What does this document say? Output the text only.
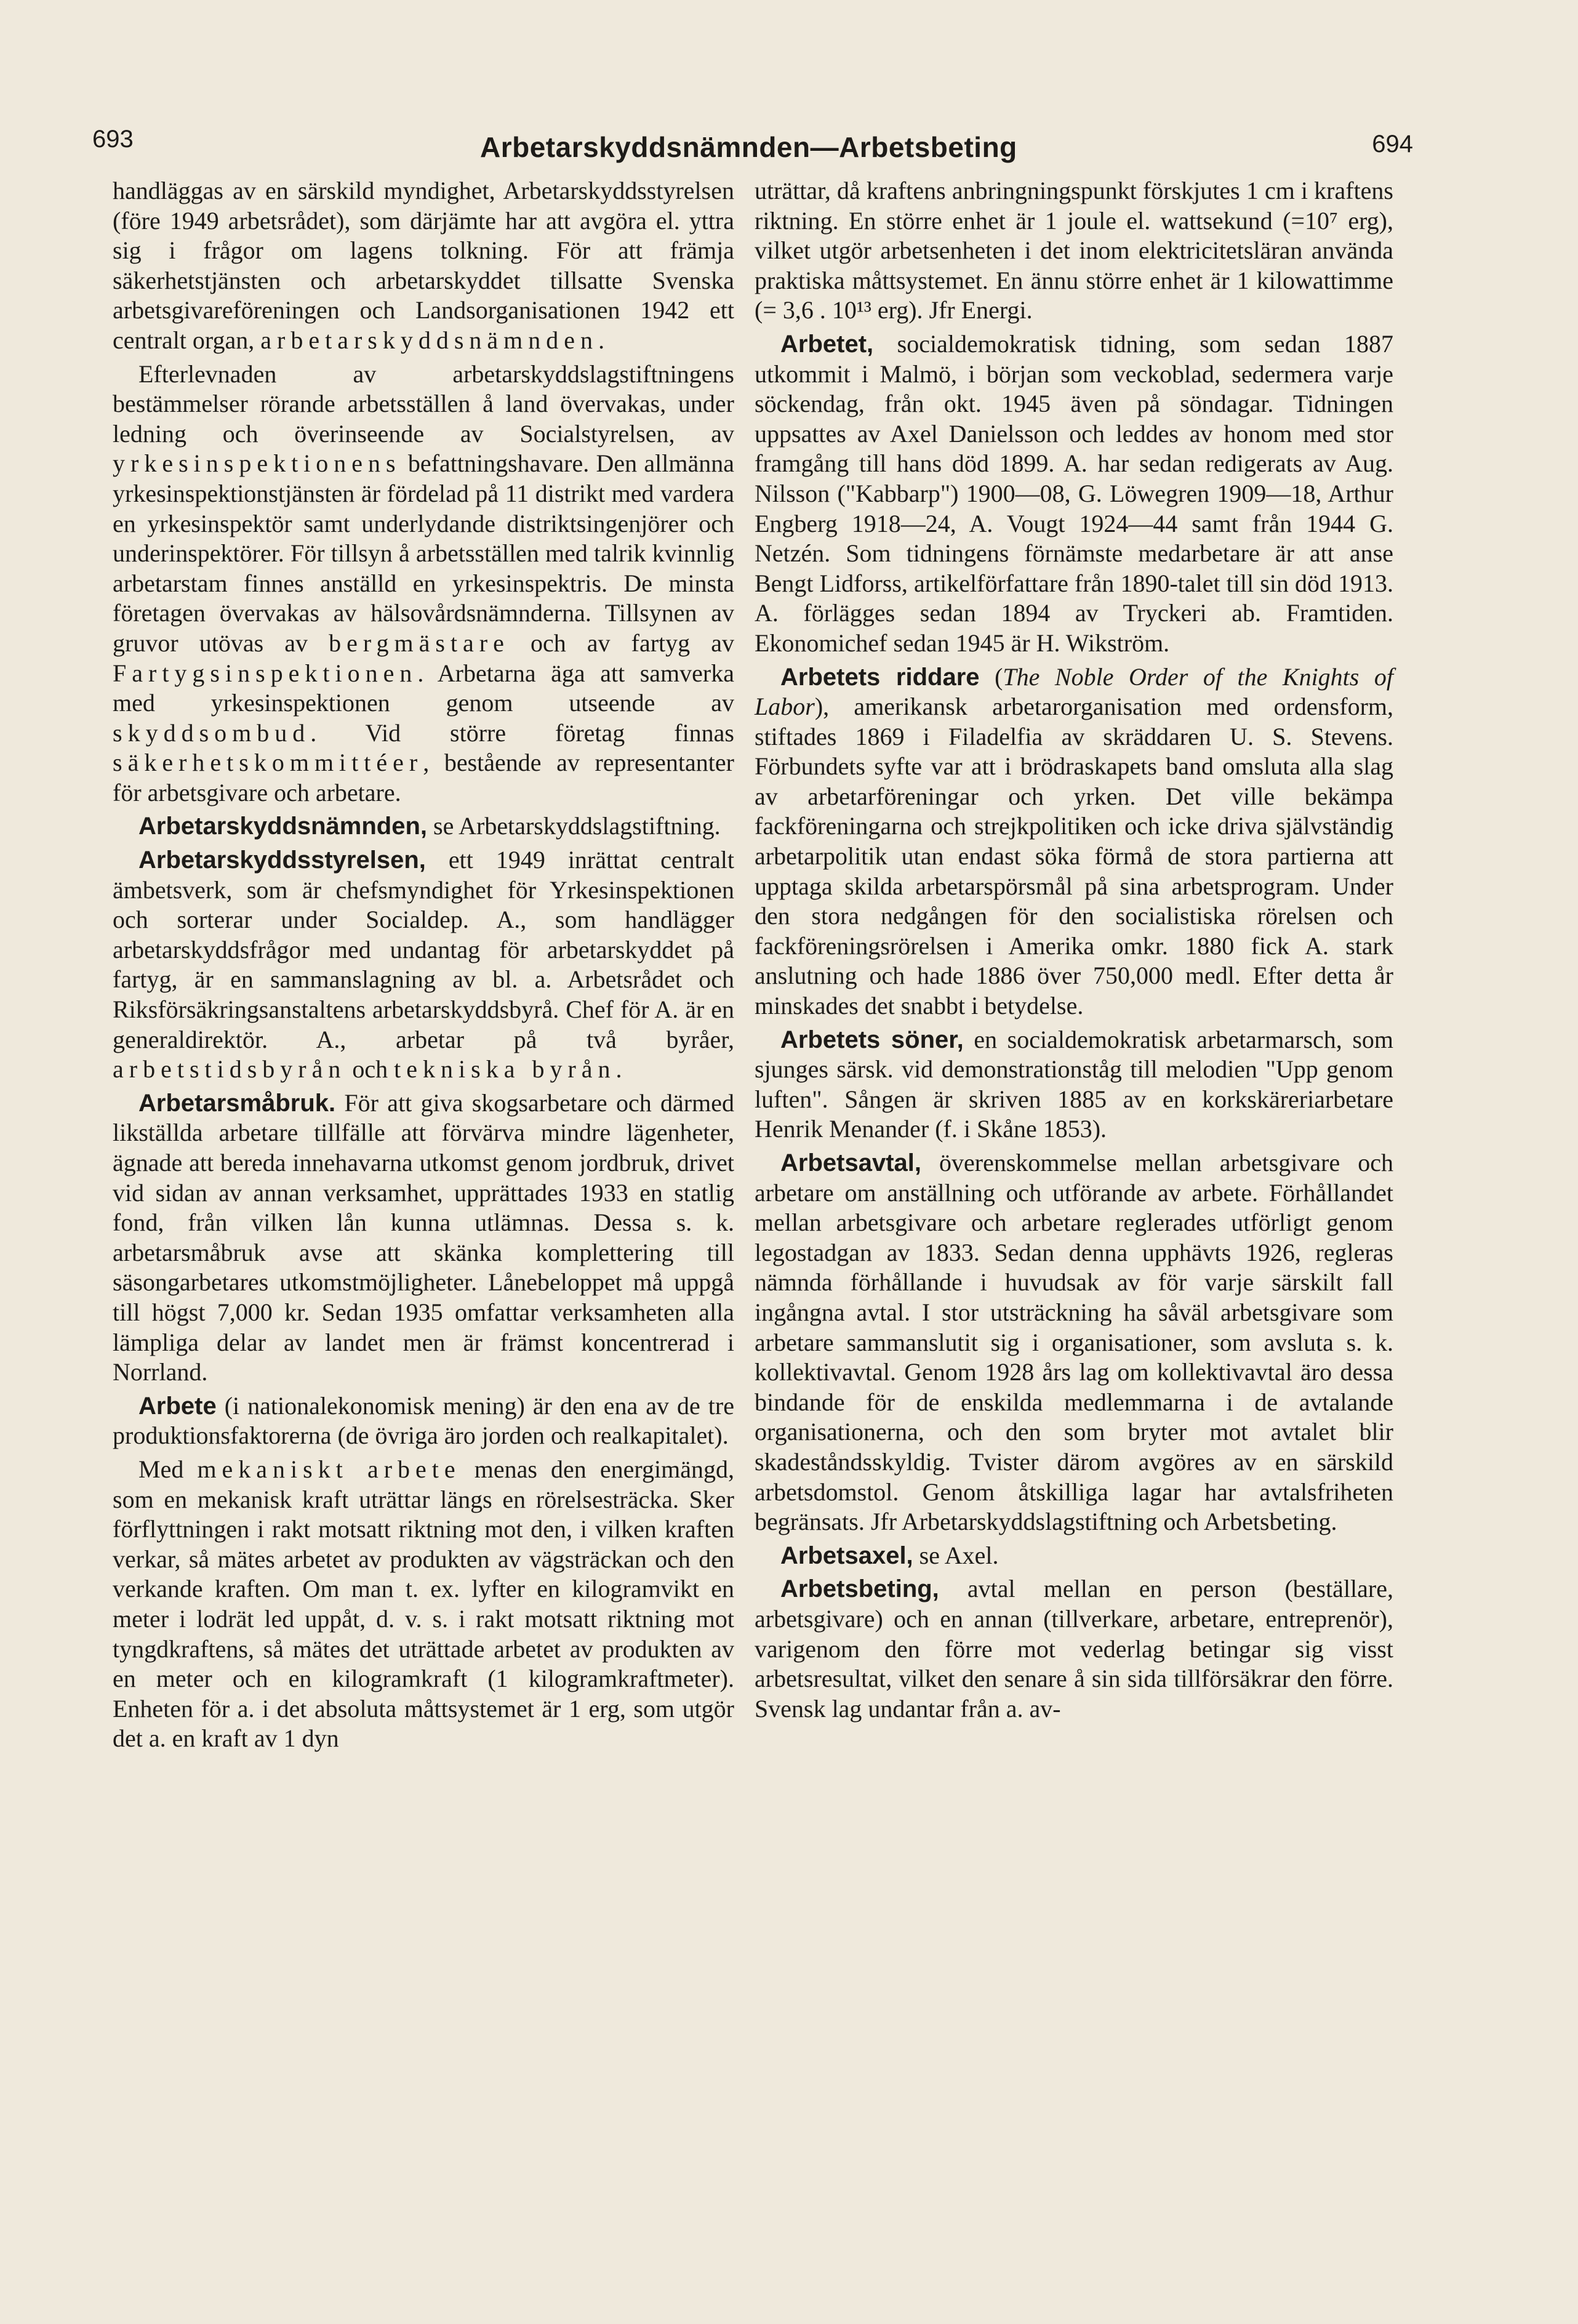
693	Arbetarskyddsnämnden—Arbetsbeting	694

handläggas av en särskild myndighet, Arbetarskyddsstyrelsen (före 1949 arbetsrådet), som därjämte har att avgöra el. yttra sig i frågor om lagens tolkning. För att främja säkerhetstjänsten och arbetarskyddet tillsatte Svenska arbetsgivareföreningen och Landsorganisationen 1942 ett centralt organ, arbetarskyddsnämnden.

Efterlevnaden av arbetarskyddslagstiftningens bestämmelser rörande arbetsställen å land övervakas, under ledning och överinseende av Socialstyrelsen, av yrkesinspektionens befattningshavare. Den allmänna yrkesinspektionstjänsten är fördelad på 11 distrikt med vardera en yrkesinspektör samt underlydande distriktsingenjörer och underinspektörer. För tillsyn å arbetsställen med talrik kvinnlig arbetarstam finnes anställd en yrkesinspektris. De minsta företagen övervakas av hälsovårdsnämnderna. Tillsynen av gruvor utövas av bergmästare och av fartyg av Fartygsinspektionen. Arbetarna äga att samverka med yrkesinspektionen genom utseende av skyddsombud. Vid större företag finnas säkerhetskommittéer, bestående av representanter för arbetsgivare och arbetare.

Arbetarskyddsnämnden, se Arbetarskyddslagstiftning.

Arbetarskyddsstyrelsen, ett 1949 inrättat centralt ämbetsverk, som är chefsmyndighet för Yrkesinspektionen och sorterar under Socialdep. A., som handlägger arbetarskyddsfrågor med undantag för arbetarskyddet på fartyg, är en sammanslagning av bl. a. Arbetsrådet och Riksförsäkringsanstaltens arbetarskyddsbyrå. Chef för A. är en generaldirektör. A., arbetar på två byråer, arbetstidsbyrån och tekniska byrån.

Arbetarsmåbruk. För att giva skogsarbetare och därmed likställda arbetare tillfälle att förvärva mindre lägenheter, ägnade att bereda innehavarna utkomst genom jordbruk, drivet vid sidan av annan verksamhet, upprättades 1933 en statlig fond, från vilken lån kunna utlämnas. Dessa s. k. arbetarsmåbruk avse att skänka komplettering till säsongarbetares utkomstmöjligheter. Lånebeloppet må uppgå till högst 7,000 kr. Sedan 1935 omfattar verksamheten alla lämpliga delar av landet men är främst koncentrerad i Norrland.

Arbete (i nationalekonomisk mening) är den ena av de tre produktionsfaktorerna (de övriga äro jorden och realkapitalet).

Med mekaniskt arbete menas den energimängd, som en mekanisk kraft uträttar längs en rörelsesträcka. Sker förflyttningen i rakt motsatt riktning mot den, i vilken kraften verkar, så mätes arbetet av produkten av vägsträckan och den verkande kraften. Om man t. ex. lyfter en kilogramvikt en meter i lodrät led uppåt, d. v. s. i rakt motsatt riktning mot tyngdkraftens, så mätes det uträttade arbetet av produkten av en meter och en kilogramkraft (1 kilogramkraftmeter). Enheten för a. i det absoluta måttsystemet är 1 erg, som utgör det a. en kraft av 1 dyn

uträttar, då kraftens anbringningspunkt förskjutes 1 cm i kraftens riktning. En större enhet är 1 joule el. wattsekund (=10⁷ erg), vilket utgör arbetsenheten i det inom elektricitetsläran använda praktiska måttsystemet. En ännu större enhet är 1 kilowattimme (= 3,6 . 10¹³ erg). Jfr Energi.

Arbetet, socialdemokratisk tidning, som sedan 1887 utkommit i Malmö, i början som veckoblad, sedermera varje söckendag, från okt. 1945 även på söndagar. Tidningen uppsattes av Axel Danielsson och leddes av honom med stor framgång till hans död 1899. A. har sedan redigerats av Aug. Nilsson ("Kabbarp") 1900—08, G. Löwegren 1909—18, Arthur Engberg 1918—24, A. Vougt 1924—44 samt från 1944 G. Netzén. Som tidningens förnämste medarbetare är att anse Bengt Lidforss, artikelförfattare från 1890-talet till sin död 1913. A. förlägges sedan 1894 av Tryckeri ab. Framtiden. Ekonomichef sedan 1945 är H. Wikström.

Arbetets riddare (The Noble Order of the Knights of Labor), amerikansk arbetarorganisation med ordensform, stiftades 1869 i Filadelfia av skräddaren U. S. Stevens. Förbundets syfte var att i brödraskapets band omsluta alla slag av arbetarföreningar och yrken. Det ville bekämpa fackföreningarna och strejkpolitiken och icke driva självständig arbetarpolitik utan endast söka förmå de stora partierna att upptaga skilda arbetarspörsmål på sina arbetsprogram. Under den stora nedgången för den socialistiska rörelsen och fackföreningsrörelsen i Amerika omkr. 1880 fick A. stark anslutning och hade 1886 över 750,000 medl. Efter detta år minskades det snabbt i betydelse.

Arbetets söner, en socialdemokratisk arbetarmarsch, som sjunges särsk. vid demonstrationståg till melodien "Upp genom luften". Sången är skriven 1885 av en korkskäreriarbetare Henrik Menander (f. i Skåne 1853).

Arbetsavtal, överenskommelse mellan arbetsgivare och arbetare om anställning och utförande av arbete. Förhållandet mellan arbetsgivare och arbetare reglerades utförligt genom legostadgan av 1833. Sedan denna upphävts 1926, regleras nämnda förhållande i huvudsak av för varje särskilt fall ingångna avtal. I stor utsträckning ha såväl arbetsgivare som arbetare sammanslutit sig i organisationer, som avsluta s. k. kollektivavtal. Genom 1928 års lag om kollektivavtal äro dessa bindande för de enskilda medlemmarna i de avtalande organisationerna, och den som bryter mot avtalet blir skadeståndsskyldig. Tvister därom avgöres av en särskild arbetsdomstol. Genom åtskilliga lagar har avtalsfriheten begränsats. Jfr Arbetarskyddslagstiftning och Arbetsbeting.

Arbetsaxel, se Axel.

Arbetsbeting, avtal mellan en person (beställare, arbetsgivare) och en annan (tillverkare, arbetare, entreprenör), varigenom den förre mot vederlag betingar sig visst arbetsresultat, vilket den senare å sin sida tillförsäkrar den förre. Svensk lag undantar från a. av-
